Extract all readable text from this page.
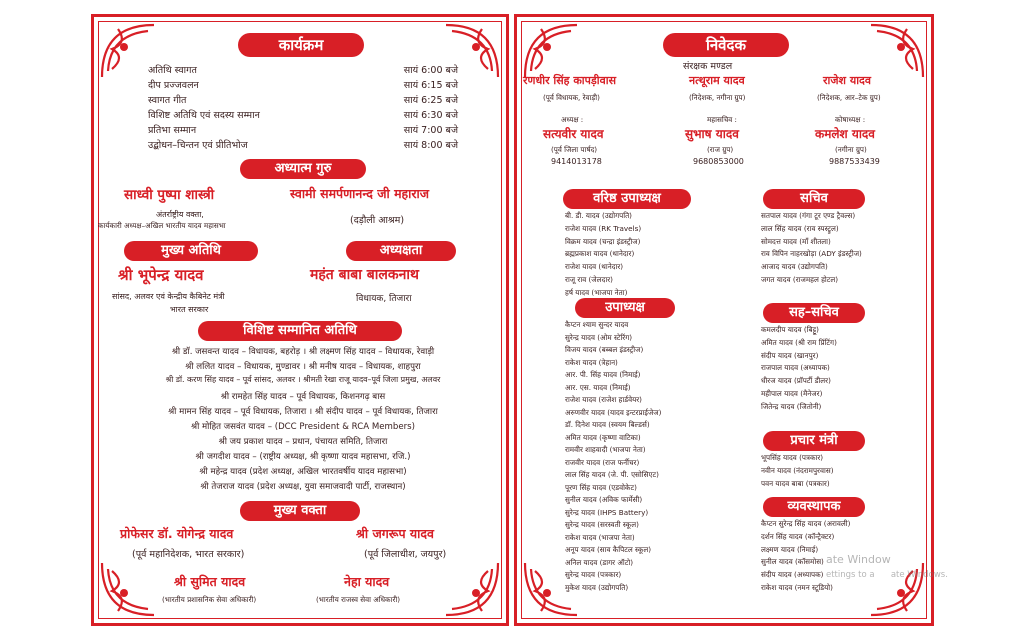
कार्यक्रम
अतिथि स्वागत	सायं 6:00 बजे
दीप प्रज्जवलन	सायं 6:15 बजे
स्वागत गीत	सायं 6:25 बजे
विशिष्ट अतिथि एवं सदस्य सम्मान	सायं 6:30 बजे
प्रतिभा सम्मान	सायं 7:00 बजे
उद्बोधन–चिन्तन एवं प्रीतिभोज	सायं 8:00 बजे
अध्यात्म गुरु
साध्वी पुष्पा शास्त्री
अंतर्राष्ट्रीय वक्ता,
कार्यकारी अध्यक्ष–अखिल भारतीय यादव महासभा
स्वामी समर्पणानन्द जी महाराज
(दड़ौली आश्रम)
मुख्य अतिथि	अध्यक्षता
श्री भूपेन्द्र यादव
सांसद, अलवर एवं केन्द्रीय कैबिनेट मंत्री
भारत सरकार
महंत बाबा बालकनाथ
विधायक, तिजारा
विशिष्ट सम्मानित अतिथि
श्री डॉ. जसवन्त यादव – विधायक, बहरोड़ । श्री लक्ष्मण सिंह यादव – विधायक, रेवाड़ी
श्री ललित यादव – विधायक, मुण्डावर । श्री मनीष यादव – विधायक, शाहपुरा
श्री डॉ. करण सिंह यादव – पूर्व सांसद, अलवर । श्रीमती रेखा राजू यादव–पूर्व जिला प्रमुख, अलवर
श्री रामहेत सिंह यादव – पूर्व विधायक, किशनगढ़ बास
श्री मामन सिंह यादव – पूर्व विधायक, तिजारा । श्री संदीप यादव – पूर्व विधायक, तिजारा
श्री मोहित जसवंत यादव – (DCC President & RCA Members)
श्री जय प्रकाश यादव – प्रधान, पंचायत समिति, तिजारा
श्री जगदीश यादव – (राष्ट्रीय अध्यक्ष, श्री कृष्णा यादव महासभा, रजि.)
श्री महेन्द्र यादव (प्रदेश अध्यक्ष, अखिल भारतवर्षीय यादव महासभा)
श्री तेजराज यादव (प्रदेश अध्यक्ष, युवा समाजवादी पार्टी, राजस्थान)
मुख्य वक्ता
प्रोफेसर डॉ. योगेन्द्र यादव
(पूर्व महानिदेशक, भारत सरकार)
श्री जगरूप यादव
(पूर्व जिलाधीश, जयपुर)
श्री सुमित यादव
(भारतीय प्रशासनिक सेवा अधिकारी)
नेहा यादव
(भारतीय राजस्व सेवा अधिकारी)
निवेदक
संरक्षक मण्डल
रणधीर सिंह कापड़ीवास
(पूर्व विधायक, रेवाड़ी)
नत्थूराम यादव
(निदेशक, नगीना ग्रुप)
राजेश यादव
(निदेशक, आर–टेक ग्रुप)
अध्यक्ष :
सत्यवीर यादव
(पूर्व जिला पार्षद)
9414013178
महासचिव :
सुभाष यादव
(राज ग्रुप)
9680853000
कोषाध्यक्ष :
कमलेश यादव
(नगीना ग्रुप)
9887533439
वरिष्ठ उपाध्यक्ष
बी. डी. यादव (उद्योगपति)
राजेश यादव (RK Travels)
विक्रम यादव (चन्द्रा इंडस्ट्रीज)
ब्रह्मप्रकाश यादव (थानेदार)
राजेश यादव (थानेदार)
राजू राव (जेलदार)
हर्ष यादव (भाजपा नेता)
उपाध्यक्ष
कैप्टन श्याम सुन्दर यादव
सुरेन्द्र यादव (ओम स्टेरिंग)
विजय यादव (बब्बल इंडस्ट्रीज)
राकेश यादव (त्रेहान)
आर. पी. सिंह यादव (निमाई)
आर. एस. यादव (निमाई)
राजेश यादव (राजेश हार्डवेयर)
अरुणवीर यादव (यादव इन्टरप्राईजेज)
डॉ. दिनेश यादव (स्वयम बिल्डर्स)
अमित यादव (कृष्णा वाटिका)
रामवीर शाहवादी (भाजपा नेता)
राजवीर यादव (राज फर्नीचर)
लाल सिंह यादव (जे. पी. एसोसिएट)
पूरण सिंह यादव (एडवोकेट)
सुनील यादव (अविक फार्मेसी)
सुरेन्द्र यादव (IHPS Battery)
सुरेन्द्र यादव (सरस्वती स्कूल)
राकेश यादव (भाजपा नेता)
अनूप यादव (साव कैपिटल स्कूल)
अनिल यादव (डागर ऑटो)
सुरेन्द्र यादव (पत्रकार)
मुकेश यादव (उद्योगपति)
सचिव
सतपाल यादव (गंगा टूर एण्ड ट्रैवल्स)
लाल सिंह यादव (राव स्पस्ट्रुल)
सोमदत्त यादव (माँ शीतला)
राव विपिन नाहरखोड़ा (ADY इंडस्ट्रीज)
आजाद यादव (उद्योगपति)
जगत यादव (राजमहल होटल)
सह–सचिव
कमलदीप यादव (बिट्टू)
अमित यादव (श्री राम प्रिंटिंग)
संदीप यादव (खानपुर)
राजपाल यादव (अध्यापक)
धीरज यादव (प्रॉपर्टी डीलर)
महीपाल यादव (मैनेजर)
जितेन्द्र यादव (जितोनी)
प्रचार मंत्री
भूपसिंह यादव (पत्रकार)
नवीन यादव (नंदरामपुरवास)
पवन यादव बाबा (पत्रकार)
व्यवस्थापक
कैप्टन सुरेन्द्र सिंह यादव (अरावली)
दर्शन सिंह यादव (कॉन्ट्रैक्टर)
लक्ष्मण यादव (निमाई)
सुनील यादव (कॉसमोस)
संदीप यादव (अध्यापक)
राकेश यादव (नमन स्टूडियो)
ate Window
ettings to a      ate Windows.
